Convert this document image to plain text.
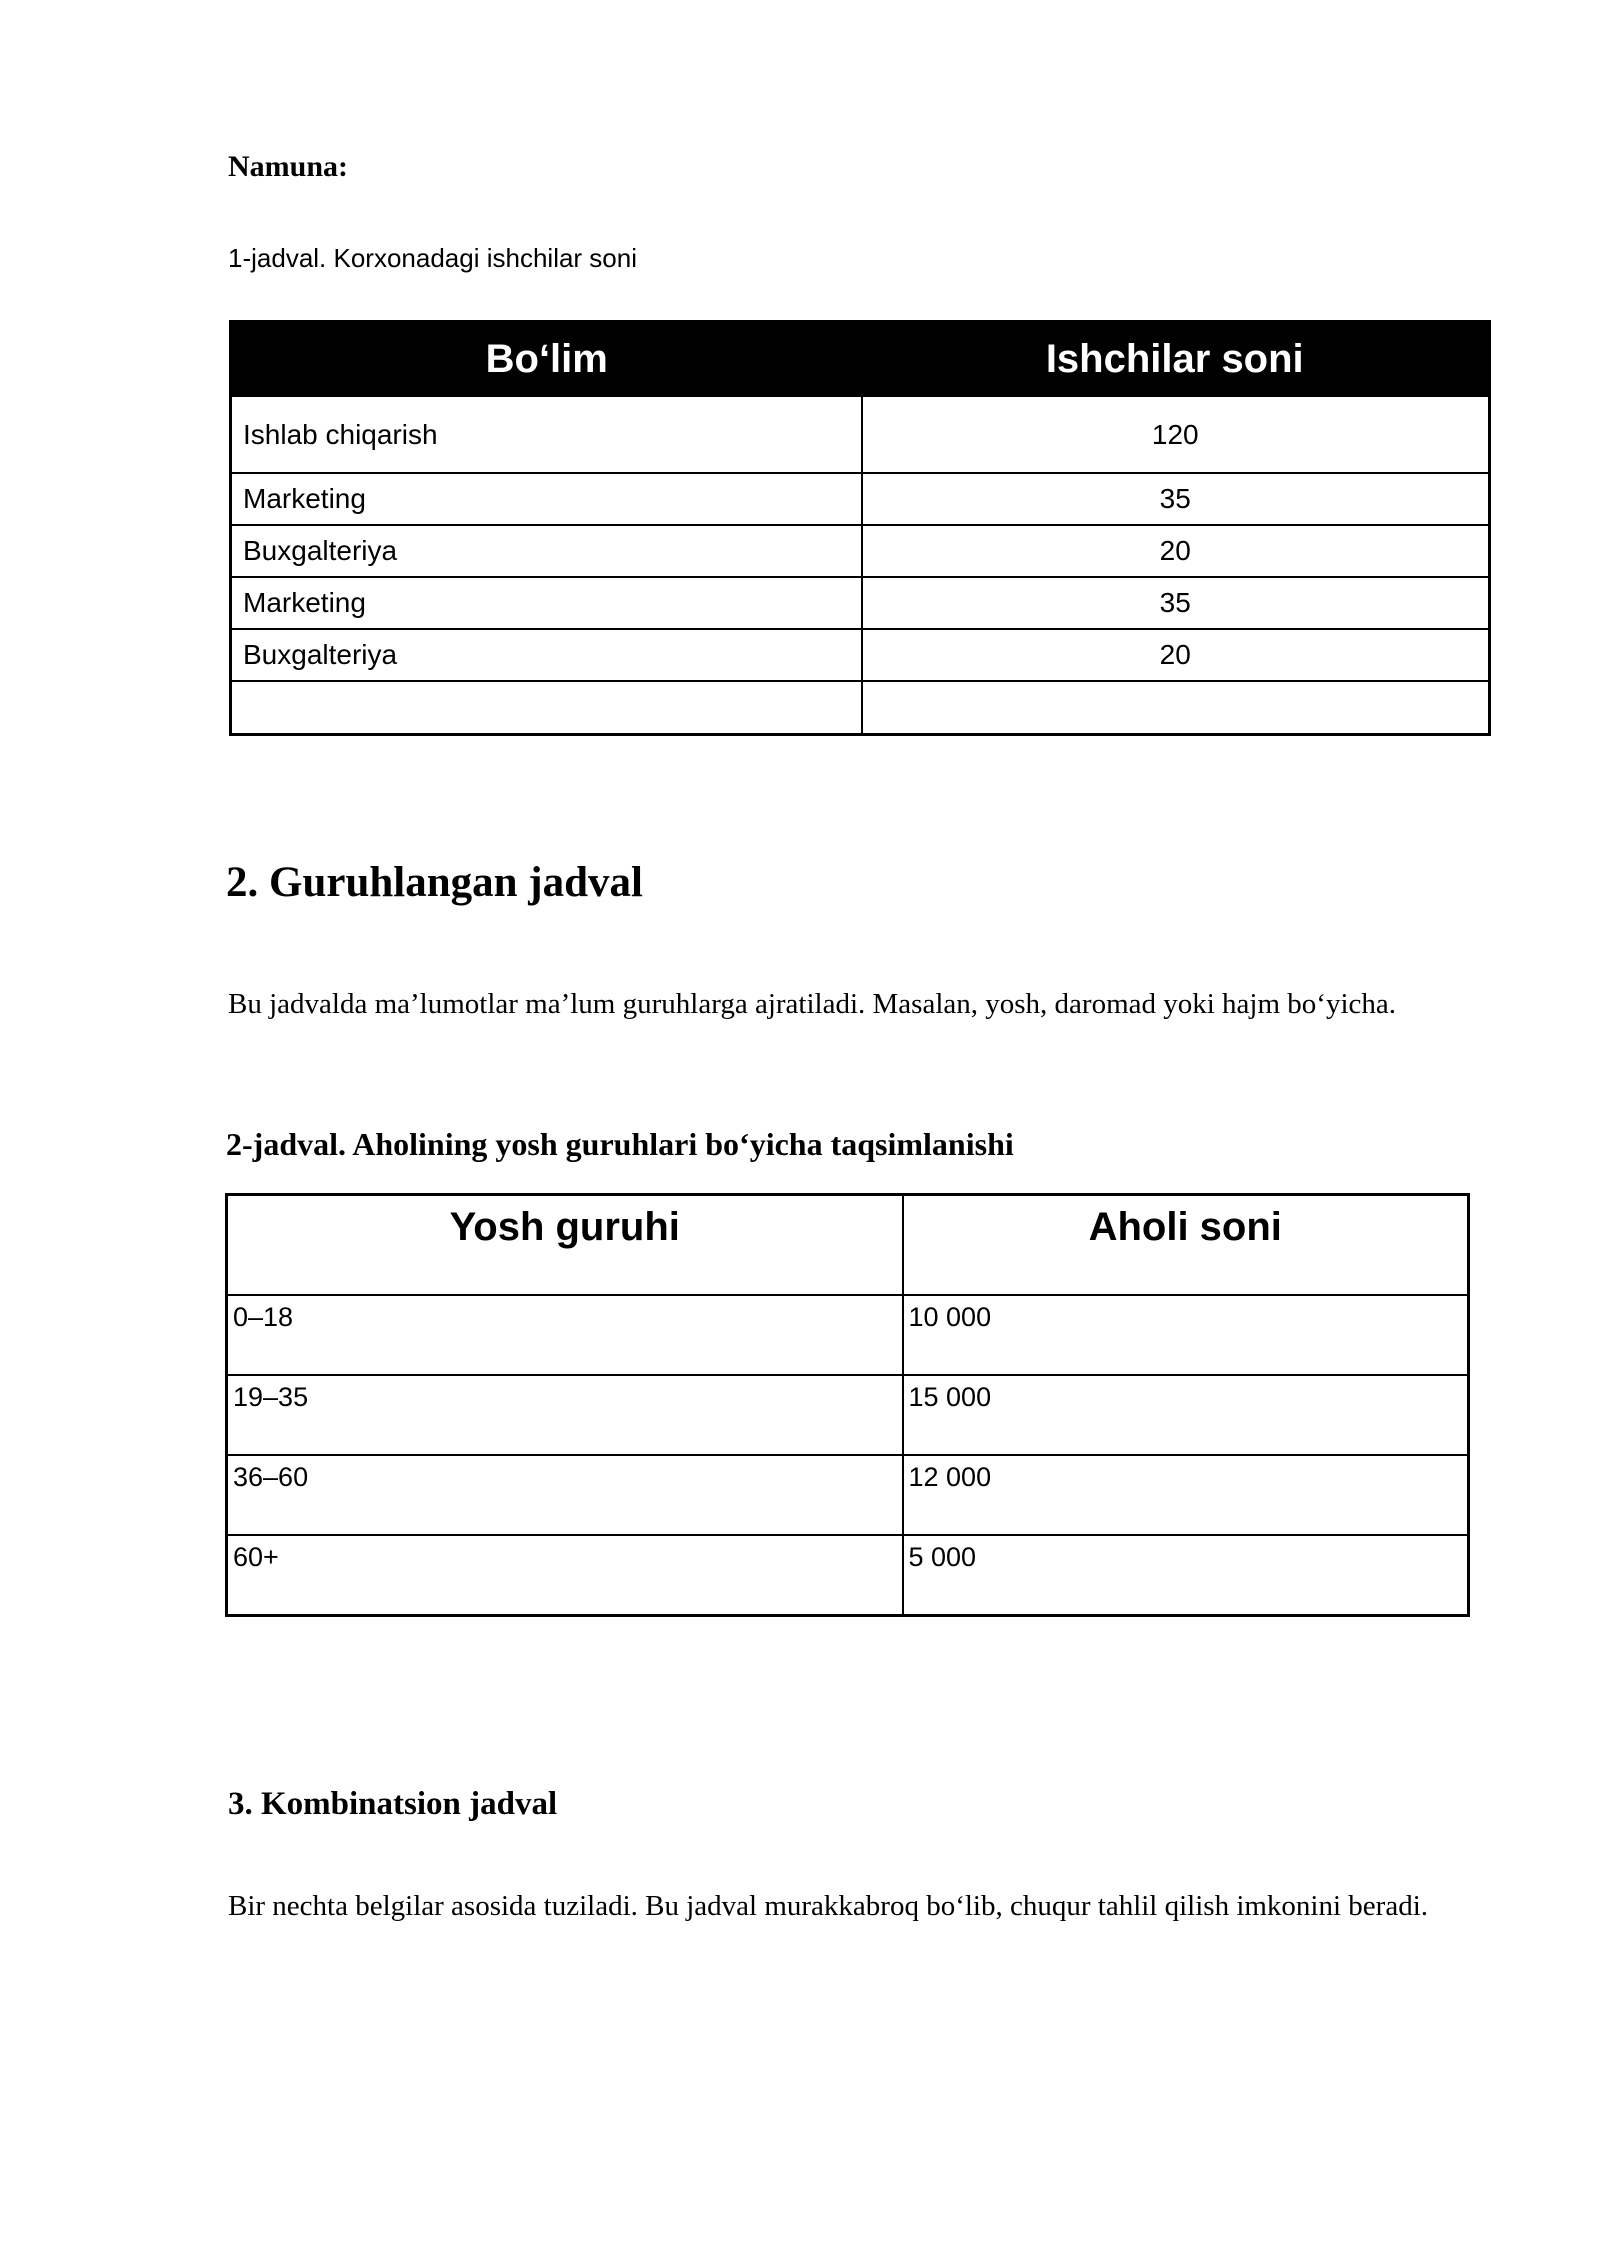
Namuna:
1-jadval. Korxonadagi ishchilar soni
Boʻlim	Ishchilar soni
Ishlab chiqarish	120
Marketing	35
Buxgalteriya	20
Marketing	35
Buxgalteriya	20

2. Guruhlangan jadval
Bu jadvalda ma’lumotlar ma’lum guruhlarga ajratiladi. Masalan, yosh, daromad yoki hajm boʻyicha.
2-jadval. Aholining yosh guruhlari boʻyicha taqsimlanishi
Yosh guruhi	Aholi soni
0–18	10 000
19–35	15 000
36–60	12 000
60+	5 000
3. Kombinatsion jadval
Bir nechta belgilar asosida tuziladi. Bu jadval murakkabroq boʻlib, chuqur tahlil qilish imkonini beradi.
